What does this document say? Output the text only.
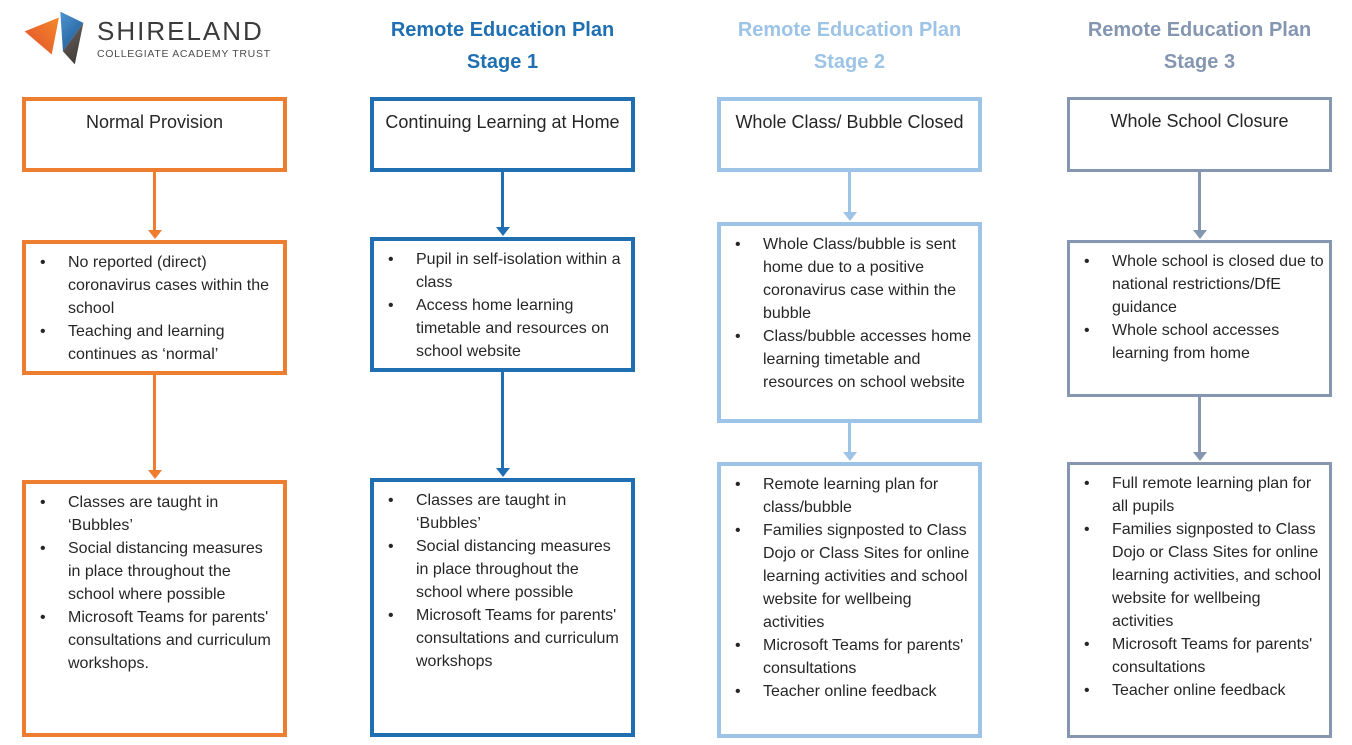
SHIRELAND
COLLEGIATE ACADEMY TRUST
Normal Provision
• No reported (direct) coronavirus cases within the school
• Teaching and learning continues as ‘normal’
• Classes are taught in ‘Bubbles’
• Social distancing measures in place throughout the school where possible
• Microsoft Teams for parents' consultations and curriculum workshops.
Remote Education Plan
Stage 1
Continuing Learning at Home
• Pupil in self-isolation within a class
• Access home learning timetable and resources on school website
• Classes are taught in ‘Bubbles’
• Social distancing measures in place throughout the school where possible
• Microsoft Teams for parents' consultations and curriculum workshops
Remote Education Plan
Stage 2
Whole Class/ Bubble Closed
• Whole Class/bubble is sent home due to a positive coronavirus case within the bubble
• Class/bubble accesses home learning timetable and resources on school website
• Remote learning plan for class/bubble
• Families signposted to Class Dojo or Class Sites for online learning activities and school website for wellbeing activities
• Microsoft Teams for parents' consultations
• Teacher online feedback
Remote Education Plan
Stage 3
Whole School Closure
• Whole school is closed due to national restrictions/DfE guidance
• Whole school accesses learning from home
• Full remote learning plan for all pupils
• Families signposted to Class Dojo or Class Sites for online learning activities, and school website for wellbeing activities
• Microsoft Teams for parents' consultations
• Teacher online feedback
